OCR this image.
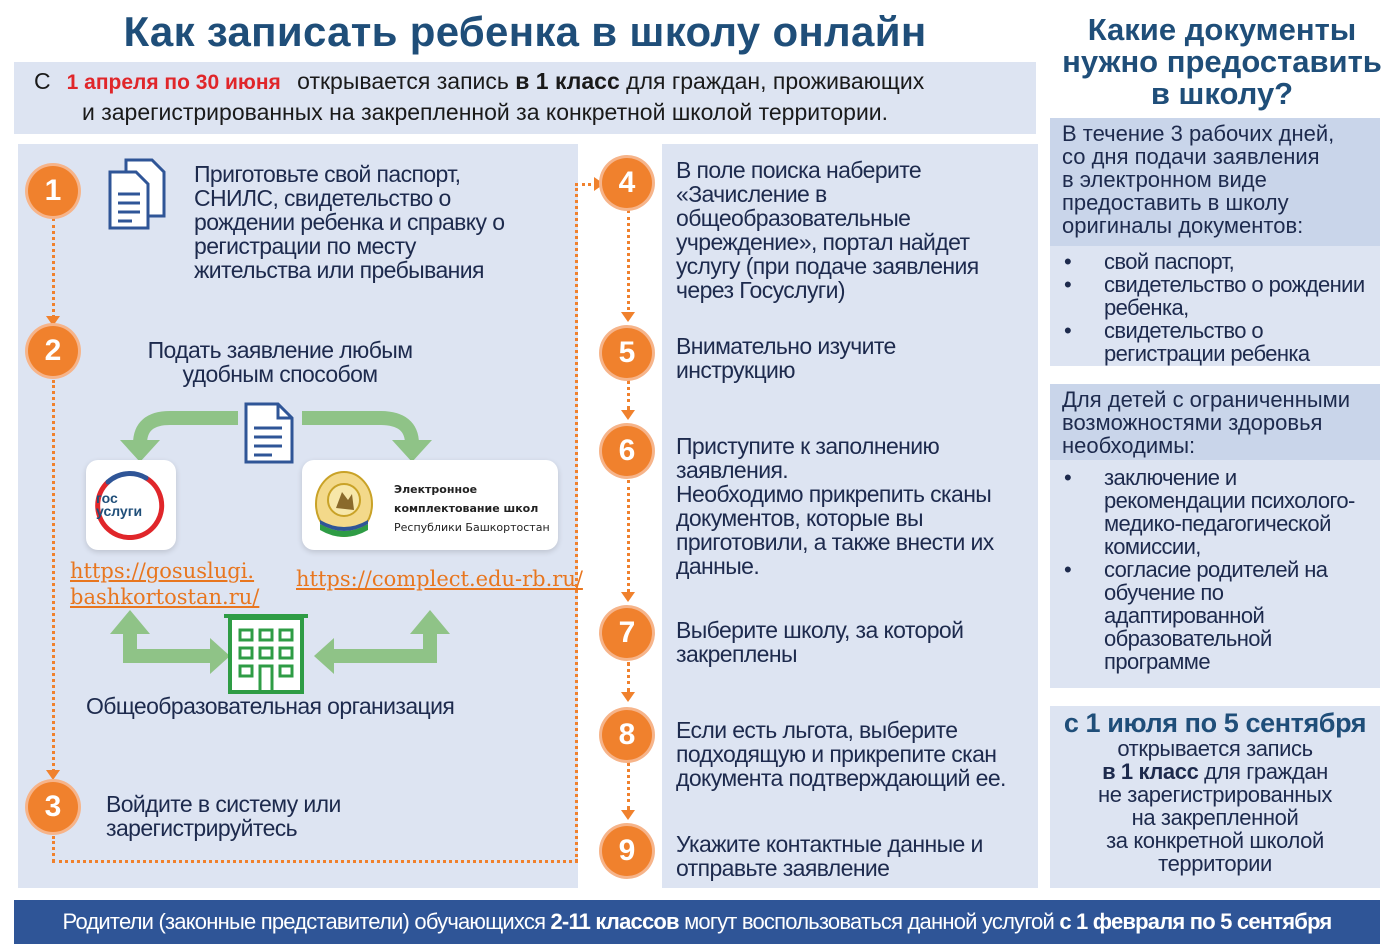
Как записать ребенка в школу онлайн
С 1 апреля по 30 июня открывается запись в 1 класс для граждан, проживающих
и зарегистрированных на закрепленной за конкретной школой территории.
1
2
3
4
5
6
7
8
9
Приготовьте свой паспорт,
СНИЛС, свидетельство о
рождении ребенка и справку о
регистрации по месту
жительства или пребывания
Подать заявление любым
удобным способом
гос
услуги
Электронное
комплектование школ
Республики Башкортостан
https://gosuslugi.
bashkortostan.ru/
https://complect.edu-rb.ru/
Общеобразовательная организация
Войдите в систему или
зарегистрируйтесь
В поле поиска наберите
«Зачисление в
общеобразовательные
учреждение», портал найдет
услугу (при подаче заявления
через Госуслуги)
Внимательно изучите
инструкцию
Приступите к заполнению
заявления.
Необходимо прикрепить сканы
документов, которые вы
приготовили, а также внести их
данные.
Выберите школу, за которой
закреплены
Если есть льгота, выберите
подходящую и прикрепите скан
документа подтверждающий ее.
Укажите контактные данные и
отправьте заявление
Какие документы
нужно предоставить
в школу?
В течение 3 рабочих дней,
со дня подачи заявления
в электронном виде
предоставить в школу
оригиналы документов:
• свой паспорт,
• свидетельство о рождении
ребенка,
• свидетельство о
регистрации ребенка
Для детей с ограниченными
возможностями здоровья
необходимы:
• заключение и
рекомендации психолого-
медико-педагогической
комиссии,
• согласие родителей на
обучение по
адаптированной
образовательной
программе
с 1 июля по 5 сентября
открывается запись
в 1 класс для граждан
не зарегистрированных
на закрепленной
за конкретной школой
территории
Родители (законные представители) обучающихся 2-11 классов могут воспользоваться данной услугой с 1 февраля по 5 сентября
